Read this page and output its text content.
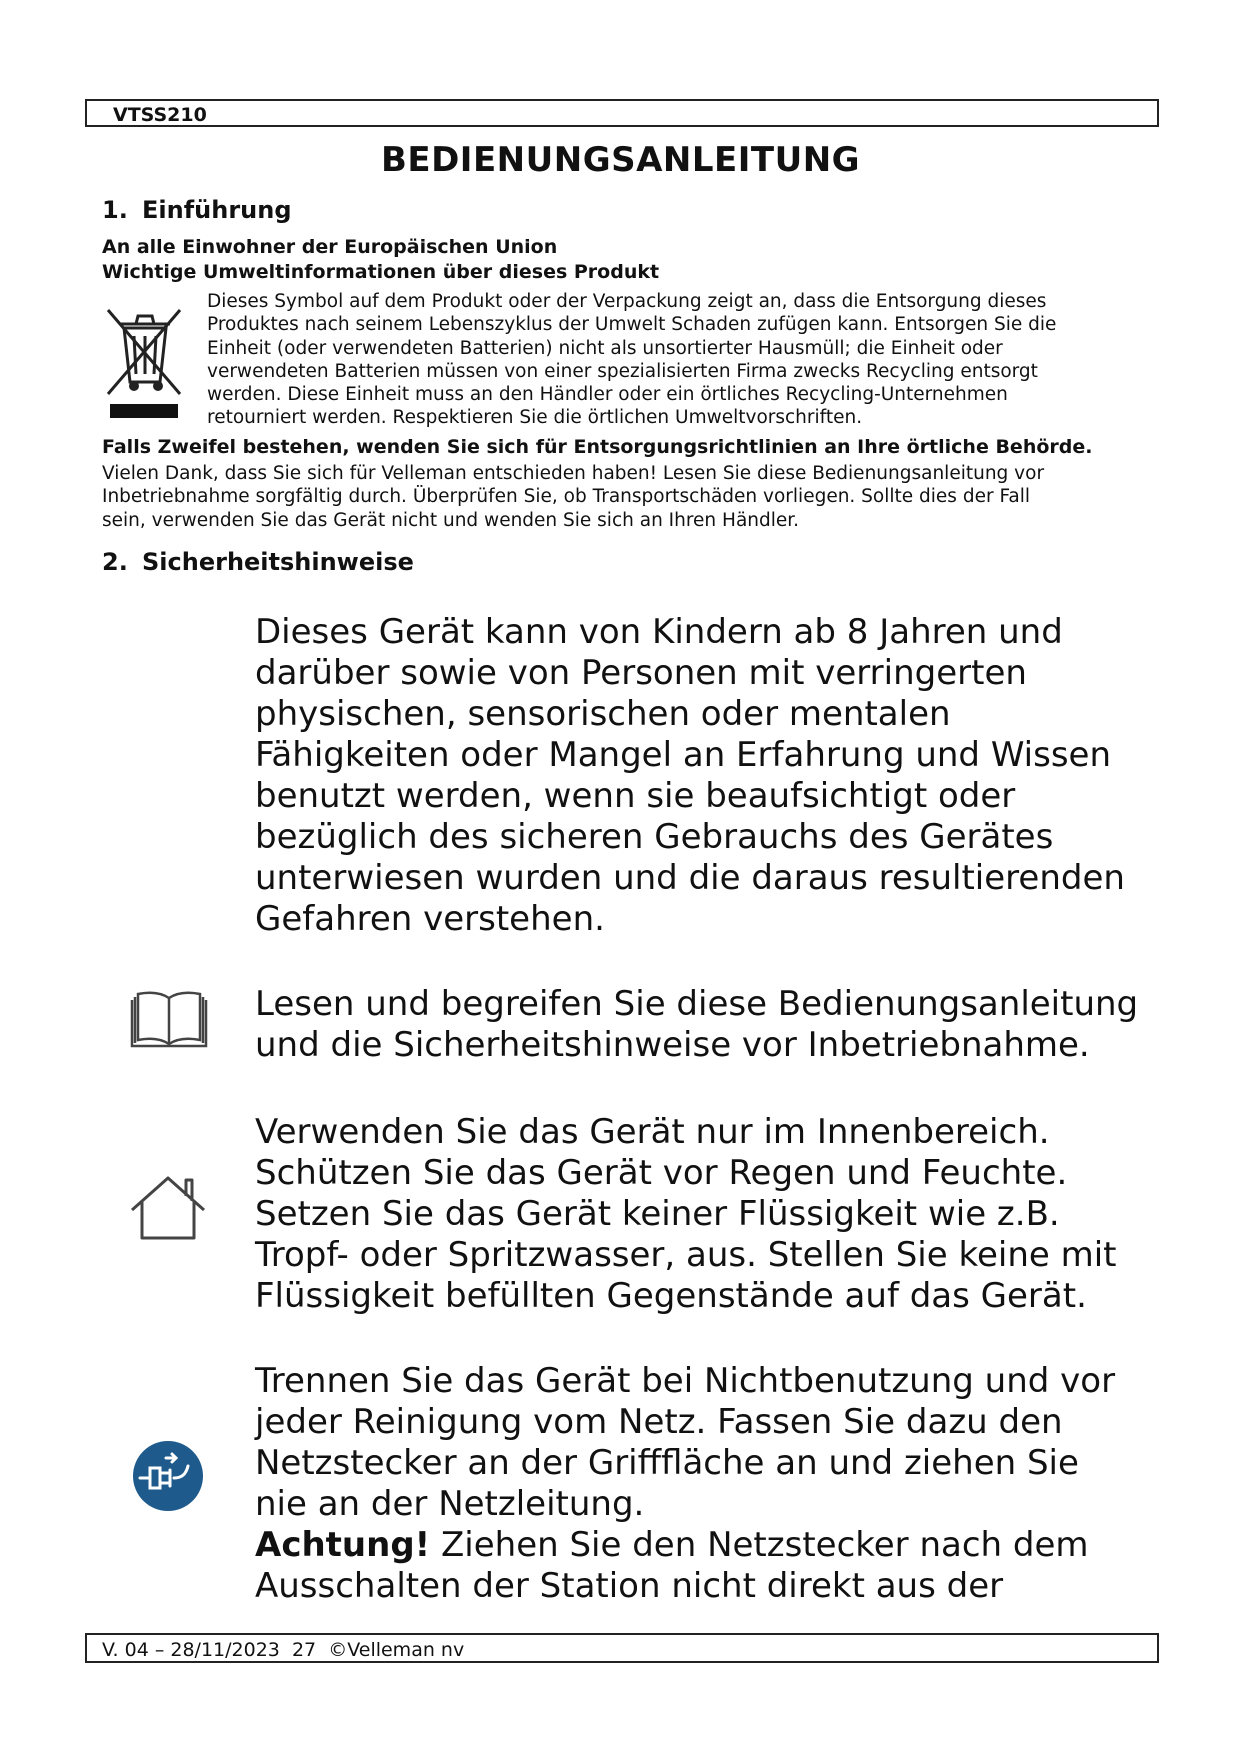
VTSS210
BEDIENUNGSANLEITUNG
1. Einführung
An alle Einwohner der Europäischen Union
Wichtige Umweltinformationen über dieses Produkt
Dieses Symbol auf dem Produkt oder der Verpackung zeigt an, dass die Entsorgung dieses
Produktes nach seinem Lebenszyklus der Umwelt Schaden zufügen kann. Entsorgen Sie die
Einheit (oder verwendeten Batterien) nicht als unsortierter Hausmüll; die Einheit oder
verwendeten Batterien müssen von einer spezialisierten Firma zwecks Recycling entsorgt
werden. Diese Einheit muss an den Händler oder ein örtliches Recycling-Unternehmen
retourniert werden. Respektieren Sie die örtlichen Umweltvorschriften.
Falls Zweifel bestehen, wenden Sie sich für Entsorgungsrichtlinien an Ihre örtliche Behörde.
Vielen Dank, dass Sie sich für Velleman entschieden haben! Lesen Sie diese Bedienungsanleitung vor
Inbetriebnahme sorgfältig durch. Überprüfen Sie, ob Transportschäden vorliegen. Sollte dies der Fall
sein, verwenden Sie das Gerät nicht und wenden Sie sich an Ihren Händler.
2. Sicherheitshinweise

Dieses Gerät kann von Kindern ab 8 Jahren und

darüber sowie von Personen mit verringerten

physischen, sensorischen oder mentalen

Fähigkeiten oder Mangel an Erfahrung und Wissen

benutzt werden, wenn sie beaufsichtigt oder

bezüglich des sicheren Gebrauchs des Gerätes

unterwiesen wurden und die daraus resultierenden

Gefahren verstehen.

Lesen und begreifen Sie diese Bedienungsanleitung

und die Sicherheitshinweise vor Inbetriebnahme.

Verwenden Sie das Gerät nur im Innenbereich.

Schützen Sie das Gerät vor Regen und Feuchte.

Setzen Sie das Gerät keiner Flüssigkeit wie z.B.

Tropf- oder Spritzwasser, aus. Stellen Sie keine mit

Flüssigkeit befüllten Gegenstände auf das Gerät.

Trennen Sie das Gerät bei Nichtbenutzung und vor

jeder Reinigung vom Netz. Fassen Sie dazu den

Netzstecker an der Grifffläche an und ziehen Sie

nie an der Netzleitung.

Achtung! Ziehen Sie den Netzstecker nach dem

Ausschalten der Station nicht direkt aus der

V. 04 – 28/11/2023  27  ©Velleman nv
